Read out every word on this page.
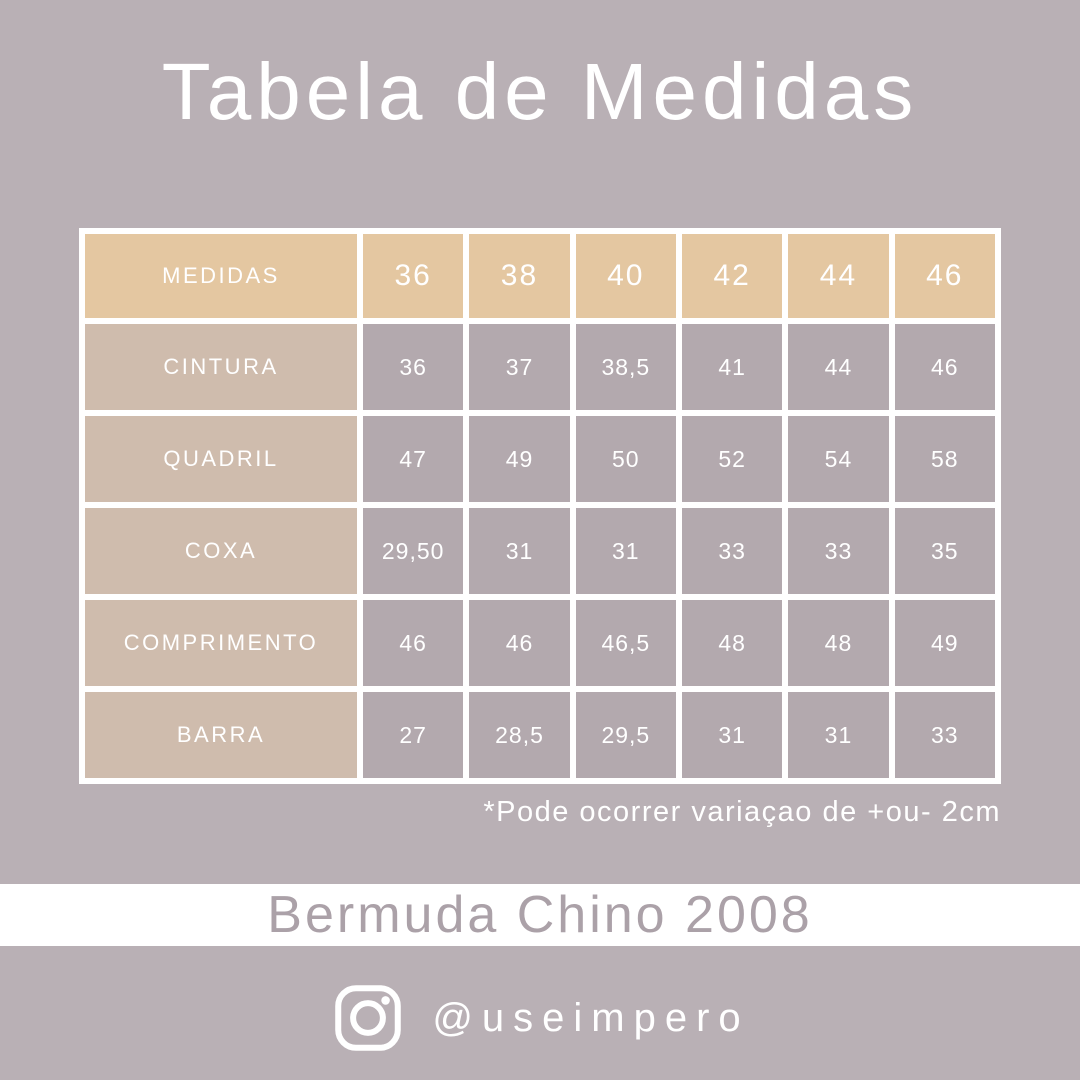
Tabela de Medidas
MEDIDAS	36	38	40	42	44	46
CINTURA	36	37	38,5	41	44	46
QUADRIL	47	49	50	52	54	58
COXA	29,50	31	31	33	33	35
COMPRIMENTO	46	46	46,5	48	48	49
BARRA	27	28,5	29,5	31	31	33
*Pode ocorrer variaçao de +ou- 2cm
Bermuda Chino 2008
@useimpero
